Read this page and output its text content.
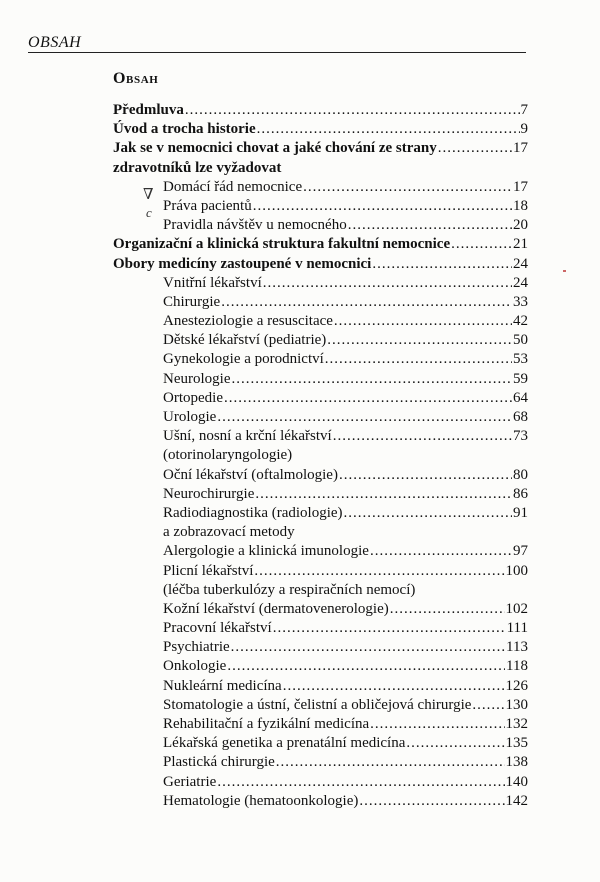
OBSAH
Obsah
∇
c
Předmluva .....	7
Úvod a trocha historie .....	9
Jak se v nemocnici chovat a jaké chování ze strany .....	17
zdravotníků lze vyžadovat
Domácí řád nemocnice .....	17
Práva pacientů .....	18
Pravidla návštěv u nemocného .....	20
Organizační a klinická struktura fakultní nemocnice .....	21
Obory medicíny zastoupené v nemocnici .....	24
Vnitřní lékařství .....	24
Chirurgie .....	33
Anesteziologie a resuscitace .....	42
Dětské lékařství (pediatrie) .....	50
Gynekologie a porodnictví .....	53
Neurologie .....	59
Ortopedie .....	64
Urologie .....	68
Ušní, nosní a krční lékařství .....	73
(otorinolaryngologie)
Oční lékařství (oftalmologie) .....	80
Neurochirurgie .....	86
Radiodiagnostika (radiologie) .....	91
a zobrazovací metody
Alergologie a klinická imunologie .....	97
Plicní lékařství .....	100
(léčba tuberkulózy a respiračních nemocí)
Kožní lékařství (dermatovenerologie) .....	102
Pracovní lékařství .....	111
Psychiatrie .....	113
Onkologie .....	118
Nukleární medicína .....	126
Stomatologie a ústní, čelistní a obličejová chirurgie ..... 130
Rehabilitační a fyzikální medicína .....	132
Lékařská genetika a prenatální medicína .....	135
Plastická chirurgie .....	138
Geriatrie .....	140
Hematologie (hematoonkologie) .....	142
